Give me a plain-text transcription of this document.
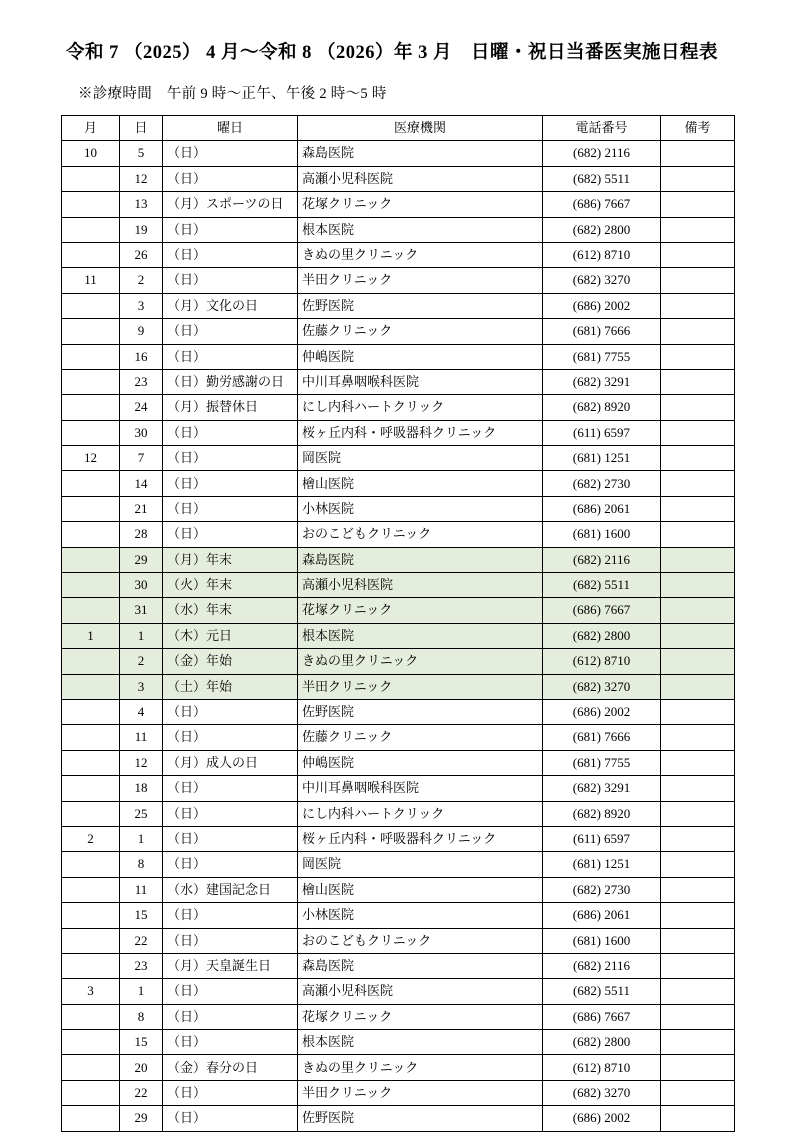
令和 7 （2025） 4 月～令和 8 （2026）年 3 月　日曜・祝日当番医実施日程表
※診療時間　午前 9 時～正午、午後 2 時～5 時
月	日	曜日	医療機関	電話番号	備考
10	5	（日）	森島医院	(682) 2116	
	12	（日）	高瀬小児科医院	(682) 5511	
	13	（月）スポーツの日	花塚クリニック	(686) 7667	
	19	（日）	根本医院	(682) 2800	
	26	（日）	きぬの里クリニック	(612) 8710	
11	2	（日）	半田クリニック	(682) 3270	
	3	（月）文化の日	佐野医院	(686) 2002	
	9	（日）	佐藤クリニック	(681) 7666	
	16	（日）	仲嶋医院	(681) 7755	
	23	（日）勤労感謝の日	中川耳鼻咽喉科医院	(682) 3291	
	24	（月）振替休日	にし内科ハートクリック	(682) 8920	
	30	（日）	桜ヶ丘内科・呼吸器科クリニック	(611) 6597	
12	7	（日）	岡医院	(681) 1251	
	14	（日）	檜山医院	(682) 2730	
	21	（日）	小林医院	(686) 2061	
	28	（日）	おのこどもクリニック	(681) 1600	
	29	（月）年末	森島医院	(682) 2116	
	30	（火）年末	高瀬小児科医院	(682) 5511	
	31	（水）年末	花塚クリニック	(686) 7667	
1	1	（木）元日	根本医院	(682) 2800	
	2	（金）年始	きぬの里クリニック	(612) 8710	
	3	（土）年始	半田クリニック	(682) 3270	
	4	（日）	佐野医院	(686) 2002	
	11	（日）	佐藤クリニック	(681) 7666	
	12	（月）成人の日	仲嶋医院	(681) 7755	
	18	（日）	中川耳鼻咽喉科医院	(682) 3291	
	25	（日）	にし内科ハートクリック	(682) 8920	
2	1	（日）	桜ヶ丘内科・呼吸器科クリニック	(611) 6597	
	8	（日）	岡医院	(681) 1251	
	11	（水）建国記念日	檜山医院	(682) 2730	
	15	（日）	小林医院	(686) 2061	
	22	（日）	おのこどもクリニック	(681) 1600	
	23	（月）天皇誕生日	森島医院	(682) 2116	
3	1	（日）	高瀬小児科医院	(682) 5511	
	8	（日）	花塚クリニック	(686) 7667	
	15	（日）	根本医院	(682) 2800	
	20	（金）春分の日	きぬの里クリニック	(612) 8710	
	22	（日）	半田クリニック	(682) 3270	
	29	（日）	佐野医院	(686) 2002	
